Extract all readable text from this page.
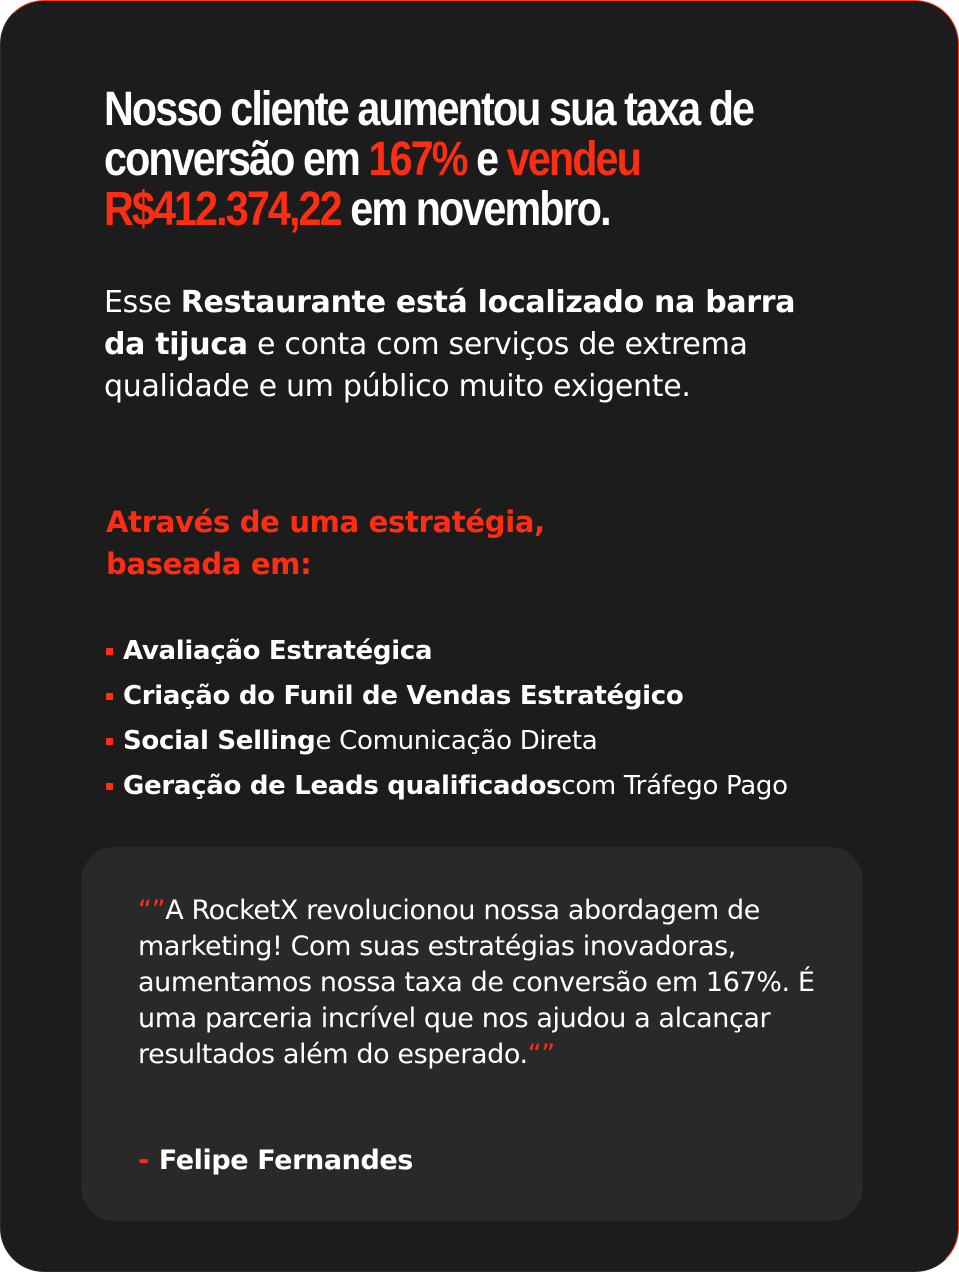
Nosso cliente aumentou sua taxa de conversão em 167% e vendeu R$412.374,22 em novembro.

Esse Restaurante está localizado na barra da tijuca e conta com serviços de extrema qualidade e um público muito exigente.

Através de uma estratégia,
baseada em:

Avaliação Estratégica
Criação do Funil de Vendas Estratégico
Social Selling e Comunicação Direta
Geração de Leads qualificados com Tráfego Pago

“”A RocketX revolucionou nossa abordagem de marketing! Com suas estratégias inovadoras, aumentamos nossa taxa de conversão em 167%. É uma parceria incrível que nos ajudou a alcançar resultados além do esperado.“”

- Felipe Fernandes
